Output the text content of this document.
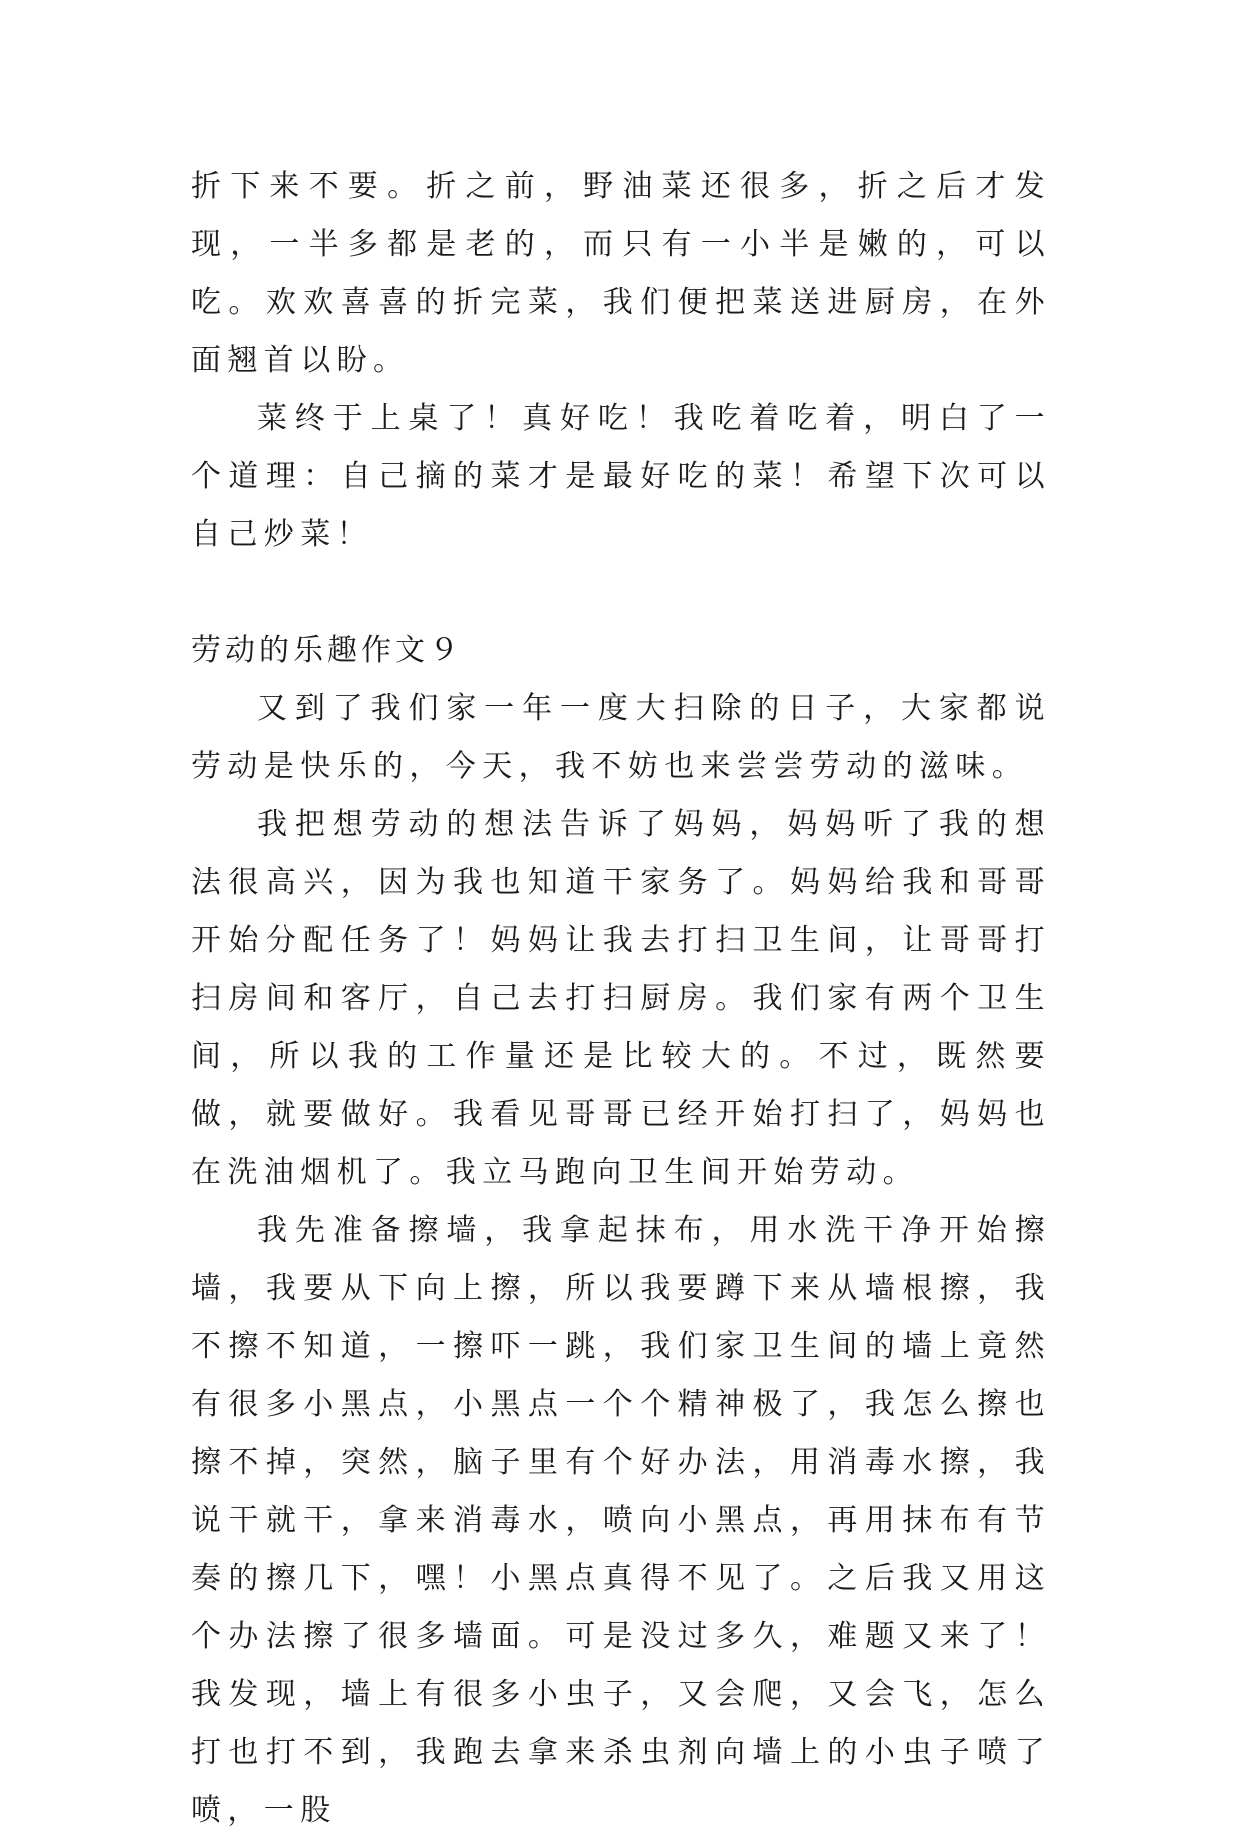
折下来不要。折之前，野油菜还很多，折之后才发现，一半多都是老的，而只有一小半是嫩的，可以吃。欢欢喜喜的折完菜，我们便把菜送进厨房，在外面翘首以盼。

菜终于上桌了！真好吃！我吃着吃着，明白了一个道理：自己摘的菜才是最好吃的菜！希望下次可以自己炒菜！

劳动的乐趣作文９

又到了我们家一年一度大扫除的日子，大家都说劳动是快乐的，今天，我不妨也来尝尝劳动的滋味。

我把想劳动的想法告诉了妈妈，妈妈听了我的想法很高兴，因为我也知道干家务了。妈妈给我和哥哥开始分配任务了！妈妈让我去打扫卫生间，让哥哥打扫房间和客厅，自己去打扫厨房。我们家有两个卫生间，所以我的工作量还是比较大的。不过，既然要做，就要做好。我看见哥哥已经开始打扫了，妈妈也在洗油烟机了。我立马跑向卫生间开始劳动。

我先准备擦墙，我拿起抹布，用水洗干净开始擦墙，我要从下向上擦，所以我要蹲下来从墙根擦，我不擦不知道，一擦吓一跳，我们家卫生间的墙上竟然有很多小黑点，小黑点一个个精神极了，我怎么擦也擦不掉，突然，脑子里有个好办法，用消毒水擦，我说干就干，拿来消毒水，喷向小黑点，再用抹布有节奏的擦几下，嘿！小黑点真得不见了。之后我又用这个办法擦了很多墙面。可是没过多久，难题又来了！我发现，墙上有很多小虫子，又会爬，又会飞，怎么打也打不到，我跑去拿来杀虫剂向墙上的小虫子喷了喷，一股
